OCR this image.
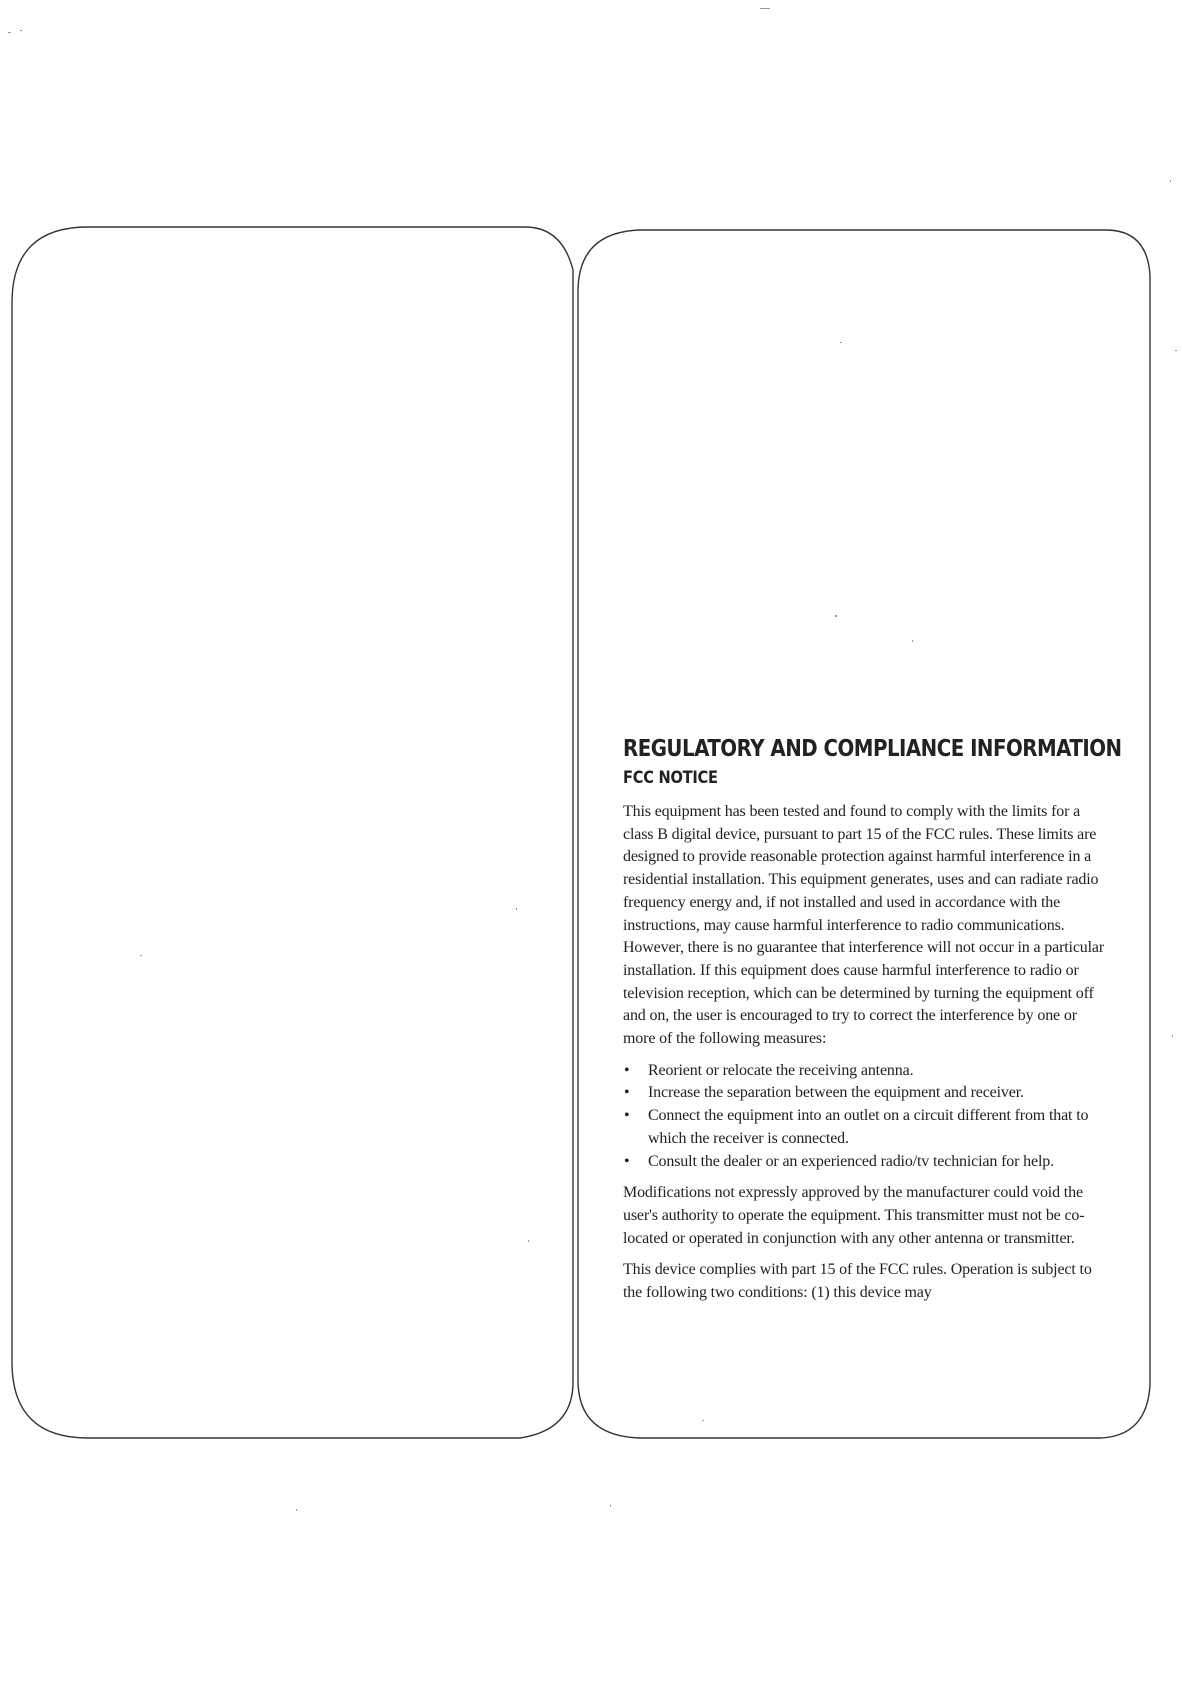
REGULATORY AND COMPLIANCE INFORMATION
FCC NOTICE

This equipment has been tested and found to comply with the limits for a class B digital device, pursuant to part 15 of the FCC rules. These limits are designed to provide reasonable protection against harmful interference in a residential installation. This equipment generates, uses and can radiate radio frequency energy and, if not installed and used in accordance with the instructions, may cause harmful interference to radio communications. However, there is no guarantee that interference will not occur in a particular installation. If this equipment does cause harmful interference to radio or television reception, which can be determined by turning the equipment off and on, the user is encouraged to try to correct the interference by one or more of the following measures:

• Reorient or relocate the receiving antenna.
• Increase the separation between the equipment and receiver.
• Connect the equipment into an outlet on a circuit different from that to which the receiver is connected.
• Consult the dealer or an experienced radio/tv technician for help.

Modifications not expressly approved by the manufacturer could void the user's authority to operate the equipment. This transmitter must not be co-located or operated in conjunction with any other antenna or transmitter.

This device complies with part 15 of the FCC rules. Operation is subject to the following two conditions: (1) this device may
